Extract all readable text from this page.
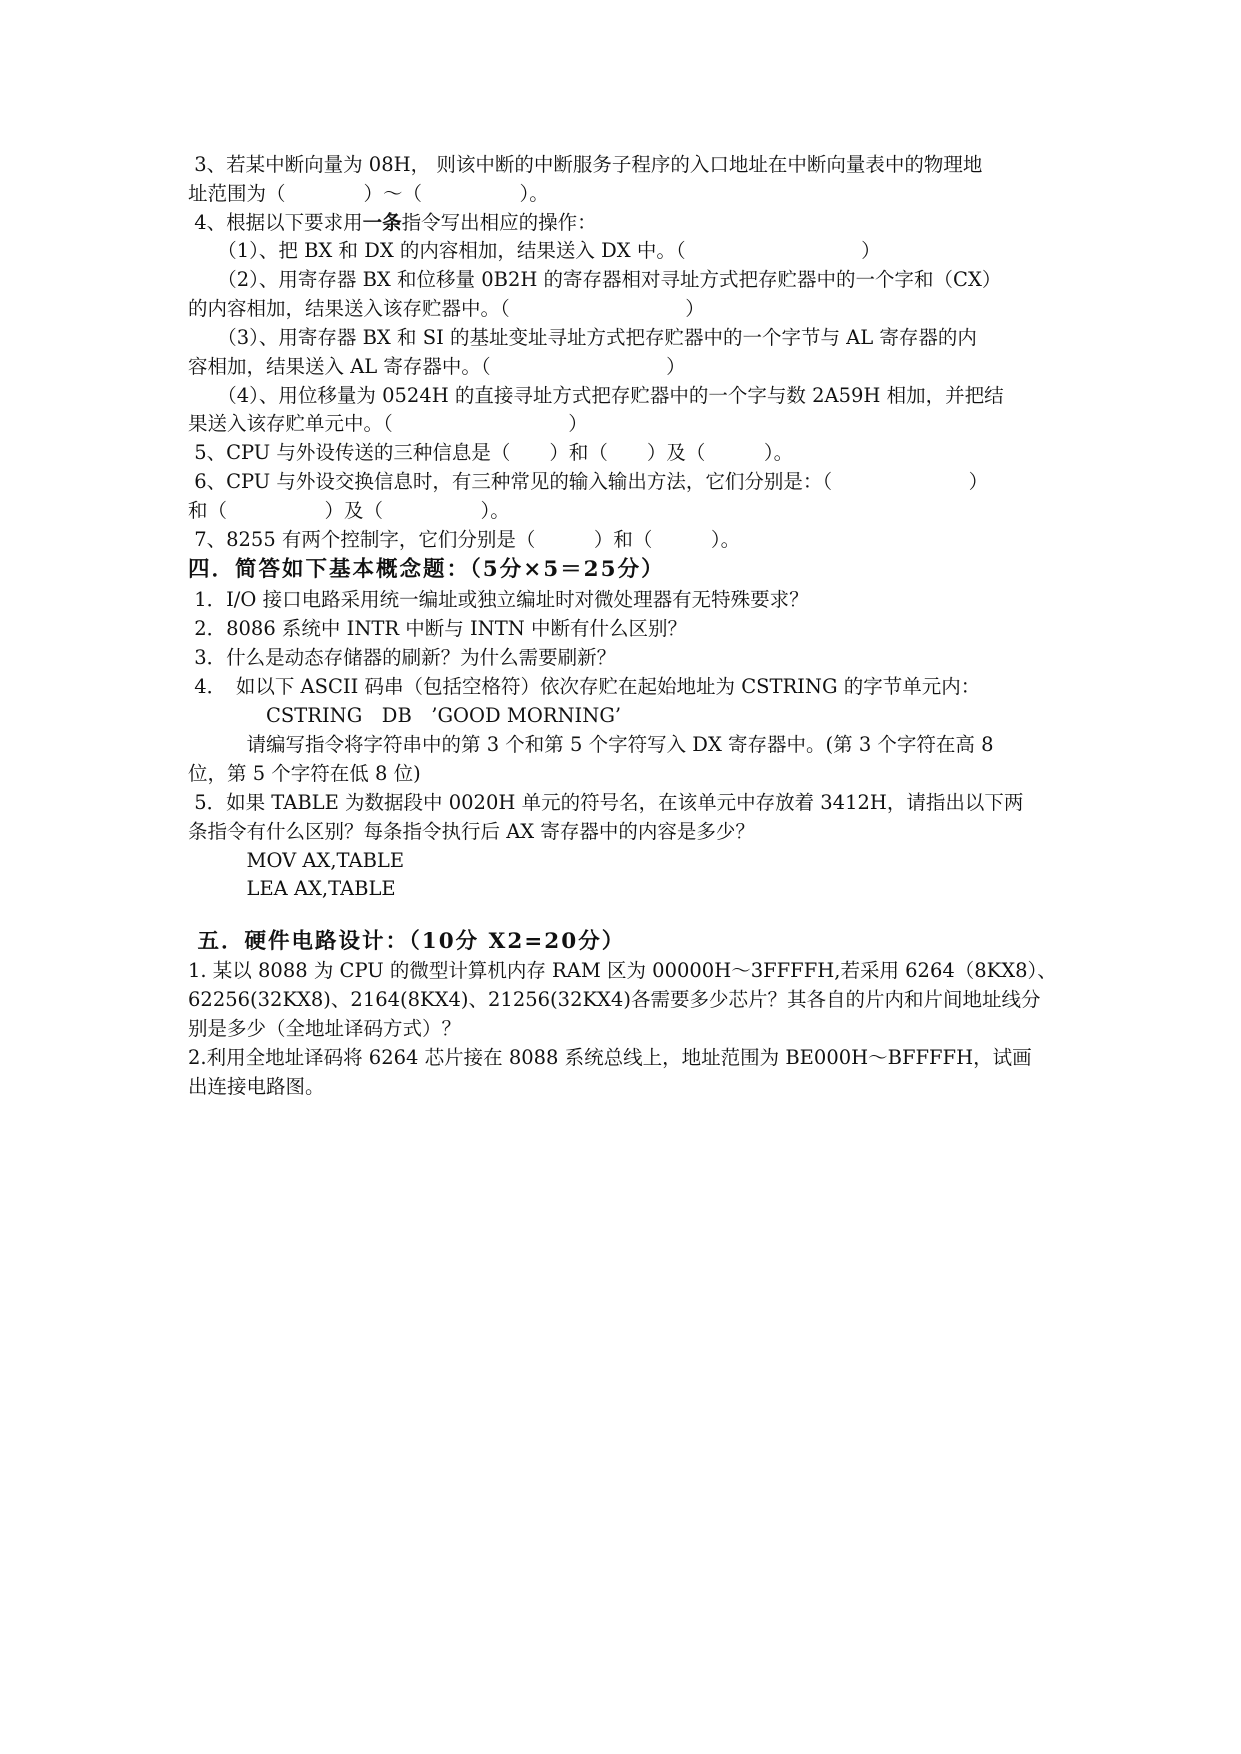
3、若某中断向量为 08H， 则该中断的中断服务子程序的入口地址在中断向量表中的物理地
址范围为（　　　　）～（　　　　　）。
4、根据以下要求用一条指令写出相应的操作：
　　（1）、把 BX 和 DX 的内容相加，结果送入 DX 中。（　　　　　　　　　）
　　（2）、用寄存器 BX 和位移量 0B2H 的寄存器相对寻址方式把存贮器中的一个字和（CX）
的内容相加，结果送入该存贮器中。（　　　　　　　　　）
　　（3）、用寄存器 BX 和 SI 的基址变址寻址方式把存贮器中的一个字节与 AL 寄存器的内
容相加，结果送入 AL 寄存器中。（　　　　　　　　　）
　　（4）、用位移量为 0524H 的直接寻址方式把存贮器中的一个字与数 2A59H 相加，并把结
果送入该存贮单元中。（　　　　　　　　　）
5、CPU 与外设传送的三种信息是（　　）和（　　）及（　　　）。
6、CPU 与外设交换信息时，有三种常见的输入输出方法，它们分别是：（　　　　　　　）
和（　　　　　）及（　　　　　）。
7、8255 有两个控制字，它们分别是（　　　）和（　　　）。
四．简答如下基本概念题：（5分×5＝25分）
1．I/O 接口电路采用统一编址或独立编址时对微处理器有无特殊要求？
2．8086 系统中 INTR 中断与 INTN 中断有什么区别？
3．什么是动态存储器的刷新？为什么需要刷新？
4．　如以下 ASCII 码串（包括空格符）依次存贮在起始地址为 CSTRING 的字节单元内：
　　　　CSTRING　DB　’GOOD MORNING’
　　　请编写指令将字符串中的第 3 个和第 5 个字符写入 DX 寄存器中。(第 3 个字符在高 8
位，第 5 个字符在低 8 位)
5．如果 TABLE 为数据段中 0020H 单元的符号名，在该单元中存放着 3412H，请指出以下两
条指令有什么区别？每条指令执行后 AX 寄存器中的内容是多少？
　　　MOV AX,TABLE
　　　LEA AX,TABLE
五．硬件电路设计：（10分 X2=20分）
1. 某以 8088 为 CPU 的微型计算机内存 RAM 区为 00000H～3FFFFH,若采用 6264（8KX8）、
62256(32KX8)、2164(8KX4)、21256(32KX4)各需要多少芯片？其各自的片内和片间地址线分
别是多少（全地址译码方式）？
2.利用全地址译码将 6264 芯片接在 8088 系统总线上，地址范围为 BE000H～BFFFFH，试画
出连接电路图。
